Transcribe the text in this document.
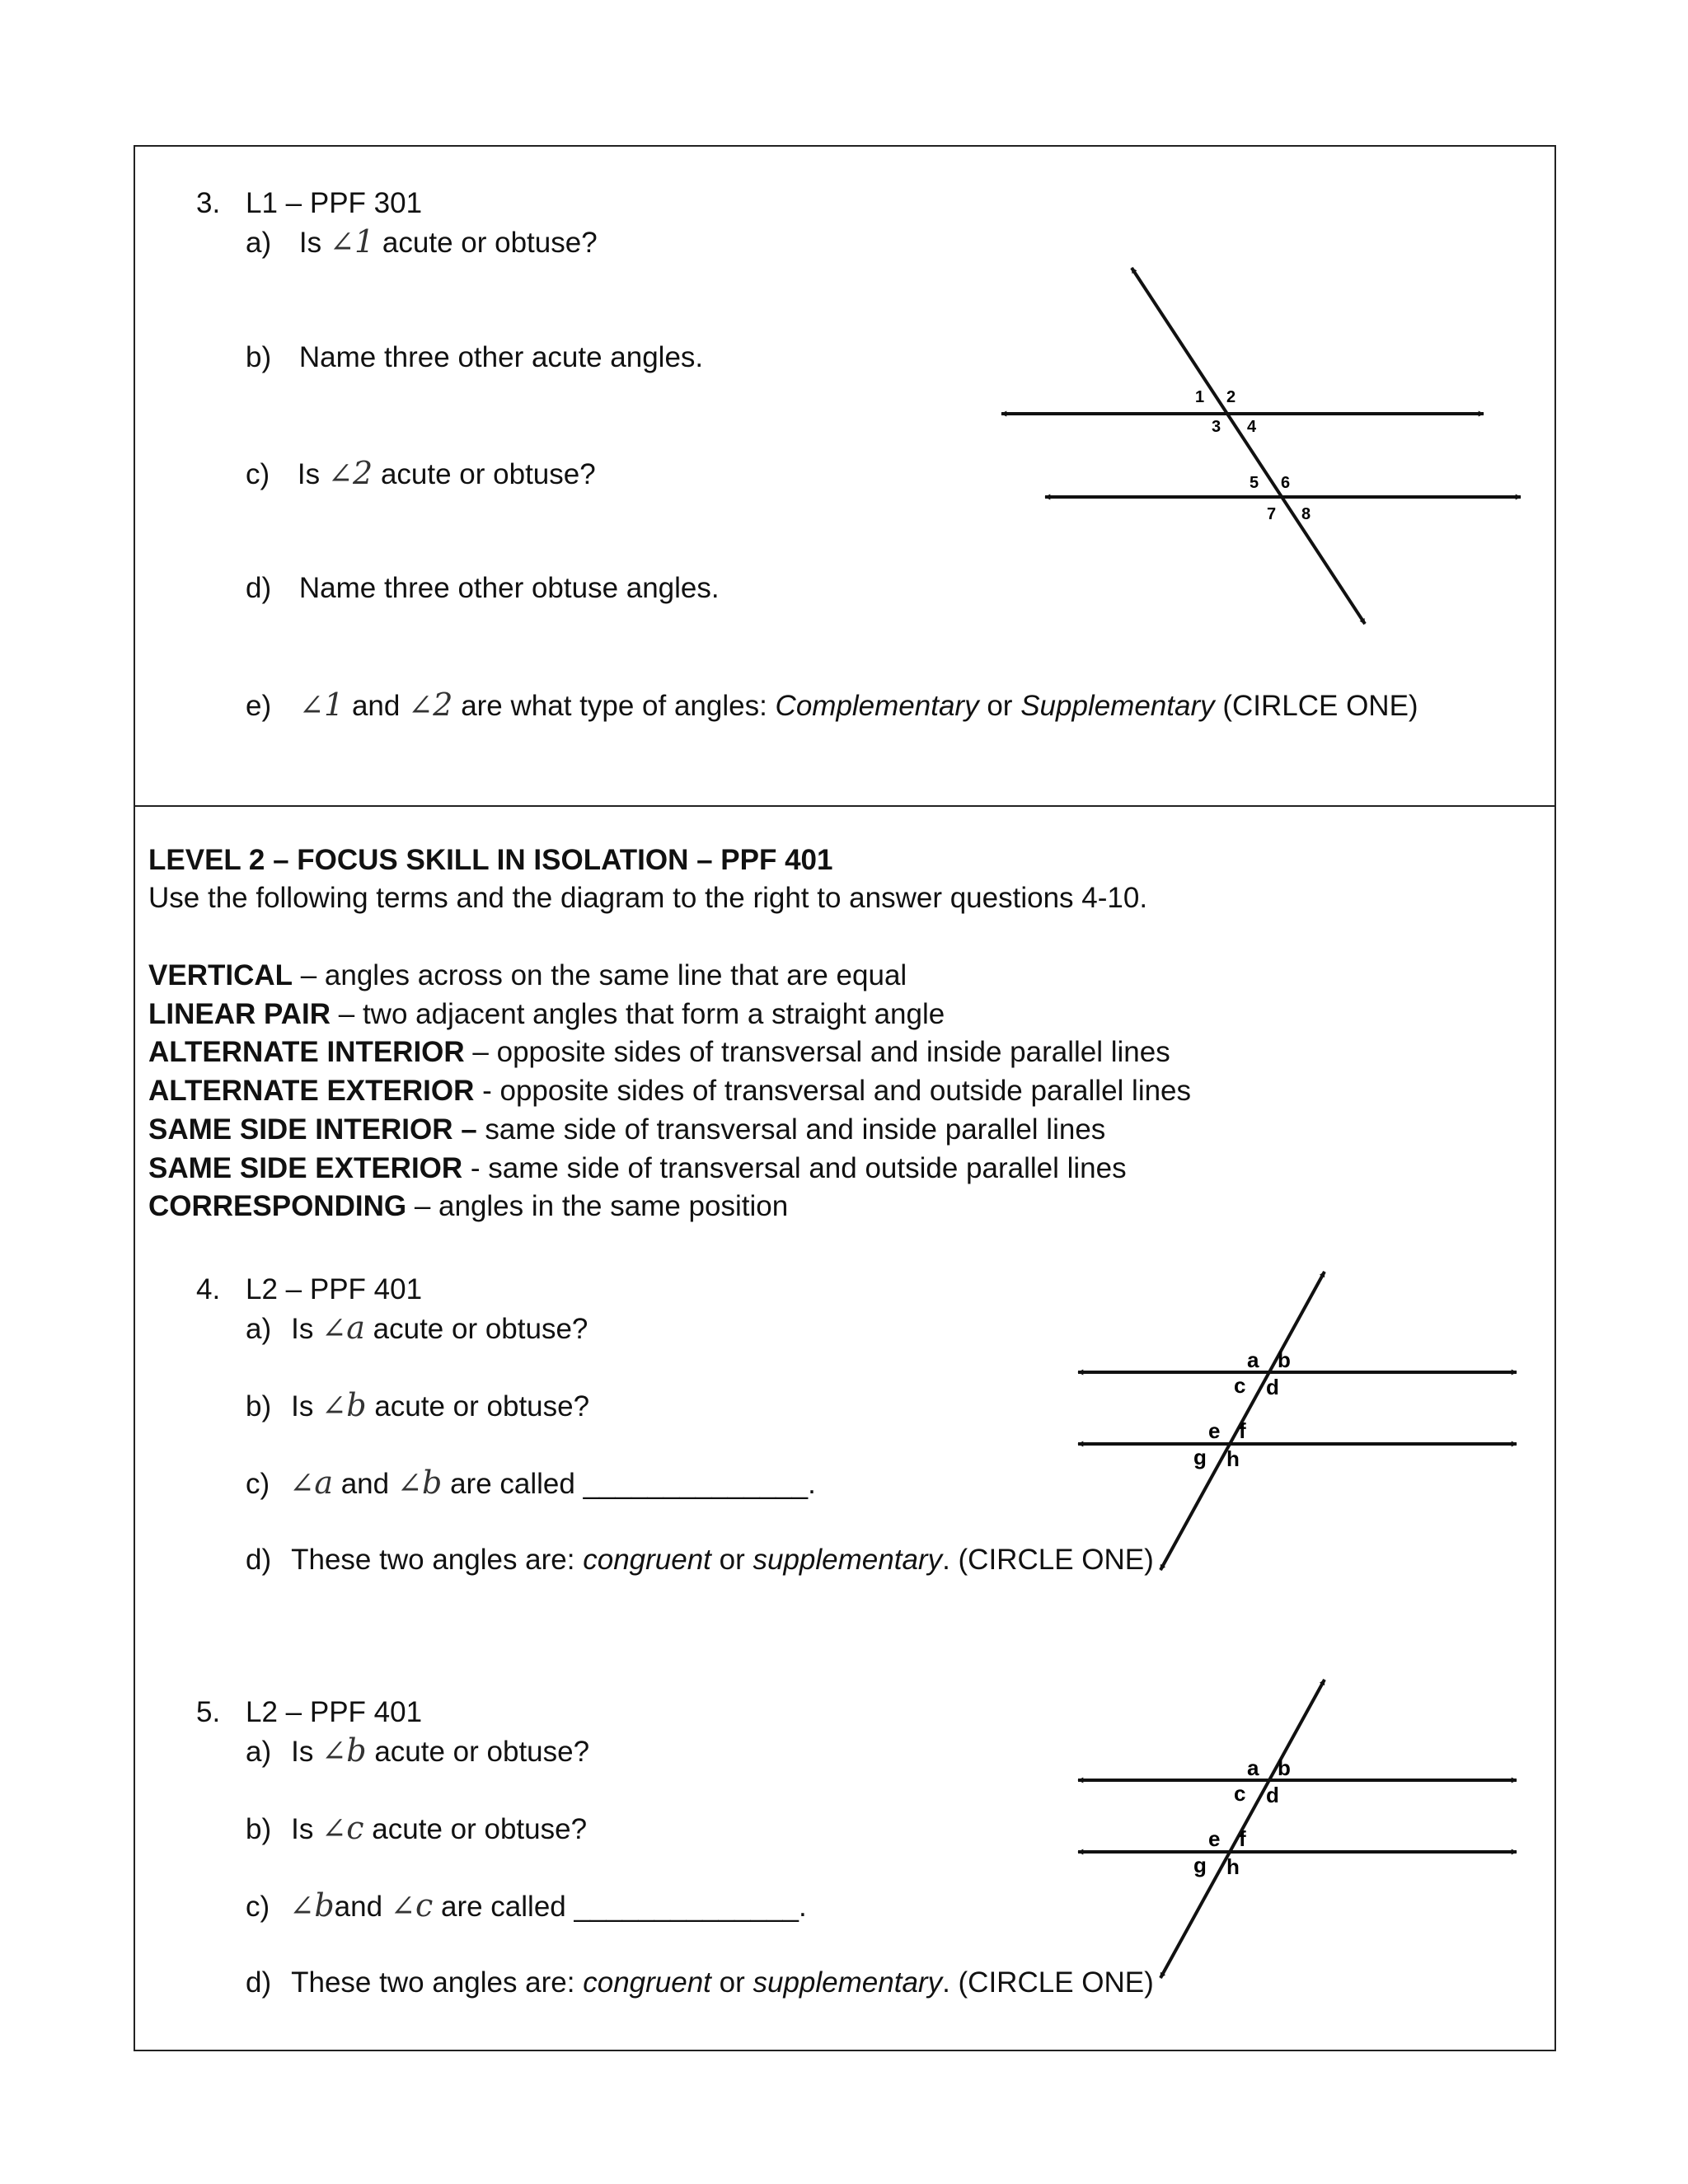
3. L1 – PPF 301
a) Is ∠1 acute or obtuse?
b) Name three other acute angles.
c) Is ∠2 acute or obtuse?
d) Name three other obtuse angles.
e) ∠1 and ∠2 are what type of angles: Complementary or Supplementary (CIRLCE ONE)
1 2
3 4
5 6
7 8
LEVEL 2 – FOCUS SKILL IN ISOLATION – PPF 401
Use the following terms and the diagram to the right to answer questions 4-10.
VERTICAL – angles across on the same line that are equal
LINEAR PAIR – two adjacent angles that form a straight angle
ALTERNATE INTERIOR – opposite sides of transversal and inside parallel lines
ALTERNATE EXTERIOR - opposite sides of transversal and outside parallel lines
SAME SIDE INTERIOR – same side of transversal and inside parallel lines
SAME SIDE EXTERIOR - same side of transversal and outside parallel lines
CORRESPONDING – angles in the same position
4. L2 – PPF 401
a) Is ∠a acute or obtuse?
b) Is ∠b acute or obtuse?
c) ∠a and ∠b are called ______________.
d) These two angles are: congruent or supplementary. (CIRCLE ONE)
a b
c d
e f
g h
5. L2 – PPF 401
a) Is ∠b acute or obtuse?
b) Is ∠c acute or obtuse?
c) ∠band ∠c are called ______________.
d) These two angles are: congruent or supplementary. (CIRCLE ONE)
a b
c d
e f
g h
